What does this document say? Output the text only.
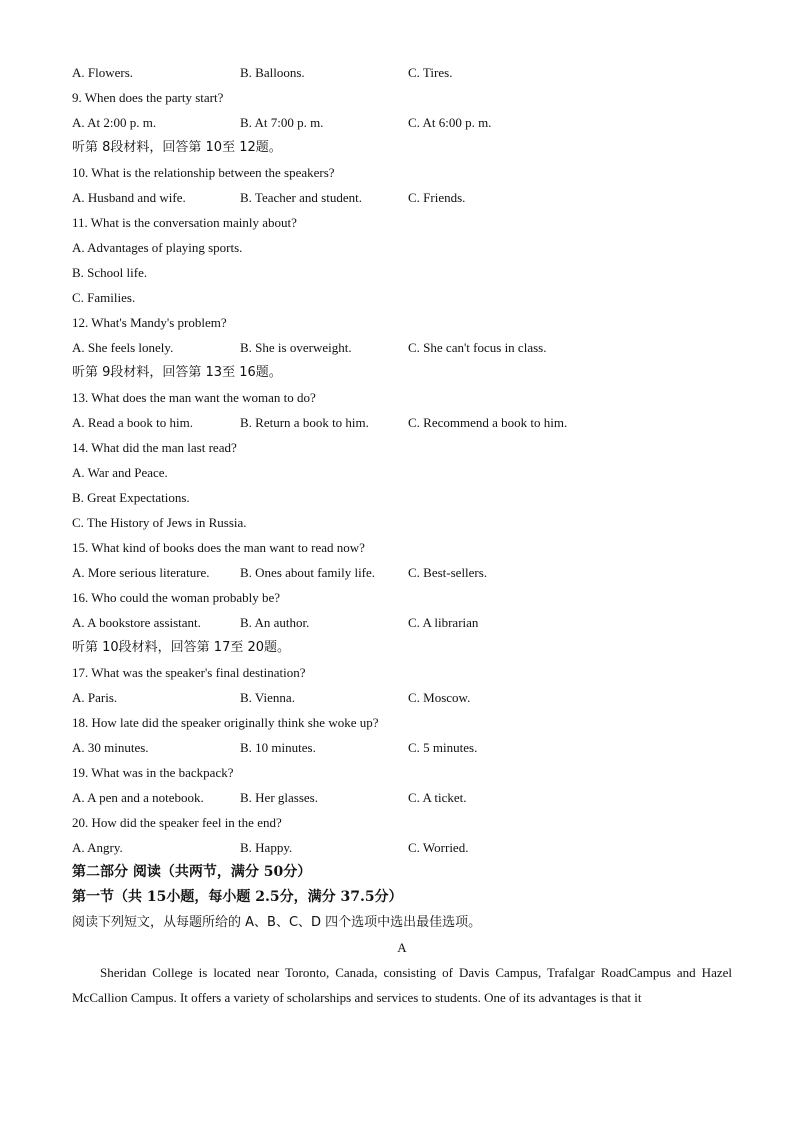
A. Flowers.	B. Balloons.	C. Tires.
9. When does the party start?
A. At 2:00 p. m.	B. At 7:00 p. m.	C. At 6:00 p. m.
听第 8段材料，回答第 10至 12题。
10. What is the relationship between the speakers?
A. Husband and wife.	B. Teacher and student.	C. Friends.
11. What is the conversation mainly about?
A. Advantages of playing sports.
B. School life.
C. Families.
12. What's Mandy's problem?
A. She feels lonely.	B. She is overweight.	C. She can't focus in class.
听第 9段材料，回答第 13至 16题。
13. What does the man want the woman to do?
A. Read a book to him.	B. Return a book to him.	C. Recommend a book to him.
14. What did the man last read?
A. War and Peace.
B. Great Expectations.
C. The History of Jews in Russia.
15. What kind of books does the man want to read now?
A. More serious literature. B. Ones about family life.	C. Best-sellers.
16. Who could the woman probably be?
A. A bookstore assistant.	B. An author.	C. A librarian
听第 10段材料，回答第 17至 20题。
17. What was the speaker's final destination?
A. Paris.	B. Vienna.	C. Moscow.
18. How late did the speaker originally think she woke up?
A. 30 minutes.	B. 10 minutes.	C. 5 minutes.
19. What was in the backpack?
A. A pen and a notebook.	B. Her glasses.	C. A ticket.
20. How did the speaker feel in the end?
A. Angry.	B. Happy.	C. Worried.
第二部分 阅读（共两节，满分 50分）
第一节（共 15小题，每小题 2.5分，满分 37.5分）
阅读下列短文，从每题所给的 A、B、C、D 四个选项中选出最佳选项。
A
Sheridan College is located near Toronto, Canada, consisting of Davis Campus, Trafalgar RoadCampus and Hazel McCallion Campus. It offers a variety of scholarships and services to students. One of its advantages is that it
